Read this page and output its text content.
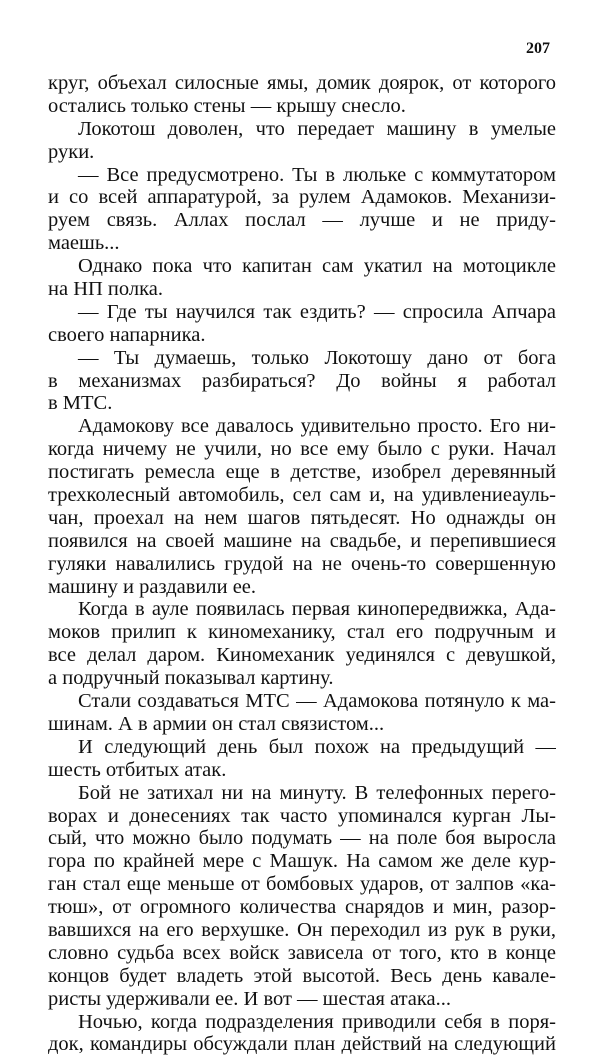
207
круг, объехал силосные ямы, домик доярок, от которого
остались только стены — крышу снесло.
Локотош доволен, что передает машину в умелые
руки.
— Все предусмотрено. Ты в люльке с коммутатором
и со всей аппаратурой, за рулем Адамоков. Механизи-
руем связь. Аллах послал — лучше и не приду-
маешь...
Однако пока что капитан сам укатил на мотоцикле
на НП полка.
— Где ты научился так ездить? — спросила Апчара
своего напарника.
— Ты думаешь, только Локотошу дано от бога
в механизмах разбираться? До войны я работал
в МТС.
Адамокову все давалось удивительно просто. Его ни-
когда ничему не учили, но все ему было с руки. Начал
постигать ремесла еще в детстве, изобрел деревянный
трехколесный автомобиль, сел сам и, на удивлениеауль-
чан, проехал на нем шагов пятьдесят. Но однажды он
появился на своей машине на свадьбе, и перепившиеся
гуляки навалились грудой на не очень-то совершенную
машину и раздавили ее.
Когда в ауле появилась первая кинопередвижка, Ада-
моков прилип к киномеханику, стал его подручным и
все делал даром. Киномеханик уединялся с девушкой,
а подручный показывал картину.
Стали создаваться МТС — Адамокова потянуло к ма-
шинам. А в армии он стал связистом...
И следующий день был похож на предыдущий —
шесть отбитых атак.
Бой не затихал ни на минуту. В телефонных перего-
ворах и донесениях так часто упоминался курган Лы-
сый, что можно было подумать — на поле боя выросла
гора по крайней мере с Машук. На самом же деле кур-
ган стал еще меньше от бомбовых ударов, от залпов «ка-
тюш», от огромного количества снарядов и мин, разор-
вавшихся на его верхушке. Он переходил из рук в руки,
словно судьба всех войск зависела от того, кто в конце
концов будет владеть этой высотой. Весь день кавале-
ристы удерживали ее. И вот — шестая атака...
Ночью, когда подразделения приводили себя в поря-
док, командиры обсуждали план действий на следующий
